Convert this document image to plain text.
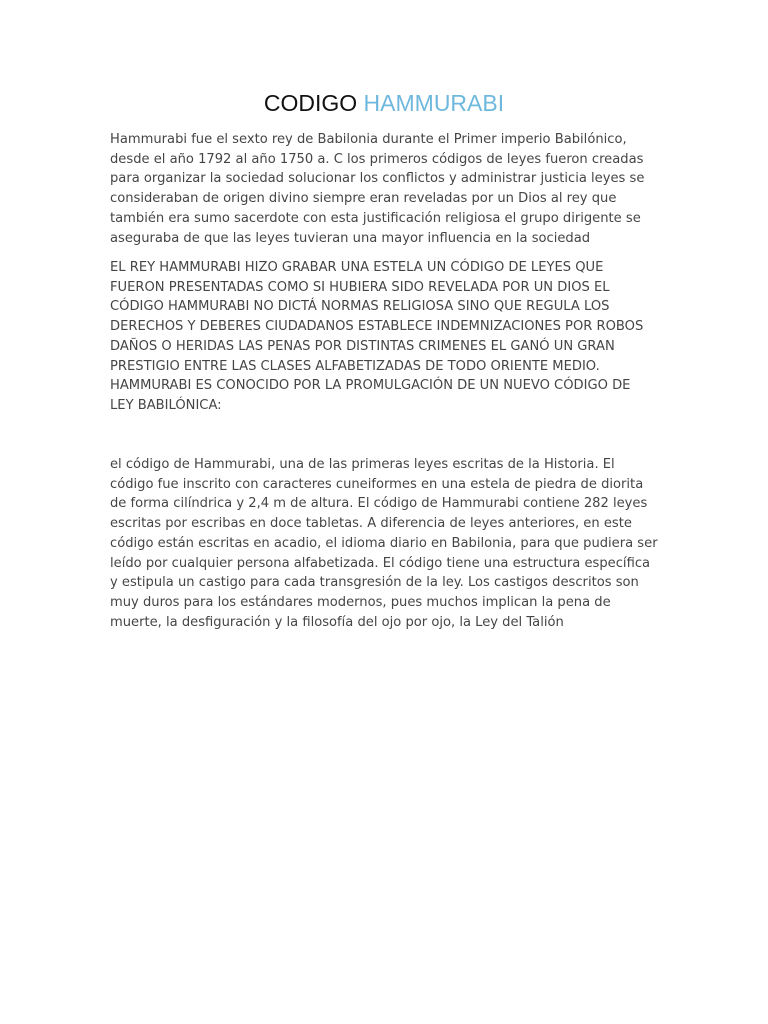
CODIGO HAMMURABI

Hammurabi fue el sexto rey de Babilonia durante el Primer imperio Babilónico,
desde el año 1792 al año 1750 a. C los primeros códigos de leyes fueron creadas
para organizar la sociedad solucionar los conflictos y administrar justicia leyes se
consideraban de origen divino siempre eran reveladas por un Dios al rey que
también era sumo sacerdote con esta justificación religiosa el grupo dirigente se
aseguraba de que las leyes tuvieran una mayor influencia en la sociedad

EL REY HAMMURABI HIZO GRABAR UNA ESTELA UN CÓDIGO DE LEYES QUE
FUERON PRESENTADAS COMO SI HUBIERA SIDO REVELADA POR UN DIOS EL
CÓDIGO HAMMURABI NO DICTÁ NORMAS RELIGIOSA SINO QUE REGULA LOS
DERECHOS Y DEBERES CIUDADANOS ESTABLECE INDEMNIZACIONES POR ROBOS
DAÑOS O HERIDAS LAS PENAS POR DISTINTAS CRIMENES EL GANÓ UN GRAN
PRESTIGIO ENTRE LAS CLASES ALFABETIZADAS DE TODO ORIENTE MEDIO.
HAMMURABI ES CONOCIDO POR LA PROMULGACIÓN DE UN NUEVO CÓDIGO DE
LEY BABILÓNICA:

el código de Hammurabi, una de las primeras leyes escritas de la Historia. El
código fue inscrito con caracteres cuneiformes en una estela de piedra de diorita
de forma cilíndrica y 2,4 m de altura. El código de Hammurabi contiene 282 leyes
escritas por escribas en doce tabletas. A diferencia de leyes anteriores, en este
código están escritas en acadio, el idioma diario en Babilonia, para que pudiera ser
leído por cualquier persona alfabetizada. El código tiene una estructura específica
y estipula un castigo para cada transgresión de la ley. Los castigos descritos son
muy duros para los estándares modernos, pues muchos implican la pena de
muerte, la desfiguración y la filosofía del ojo por ojo, la Ley del Talión
